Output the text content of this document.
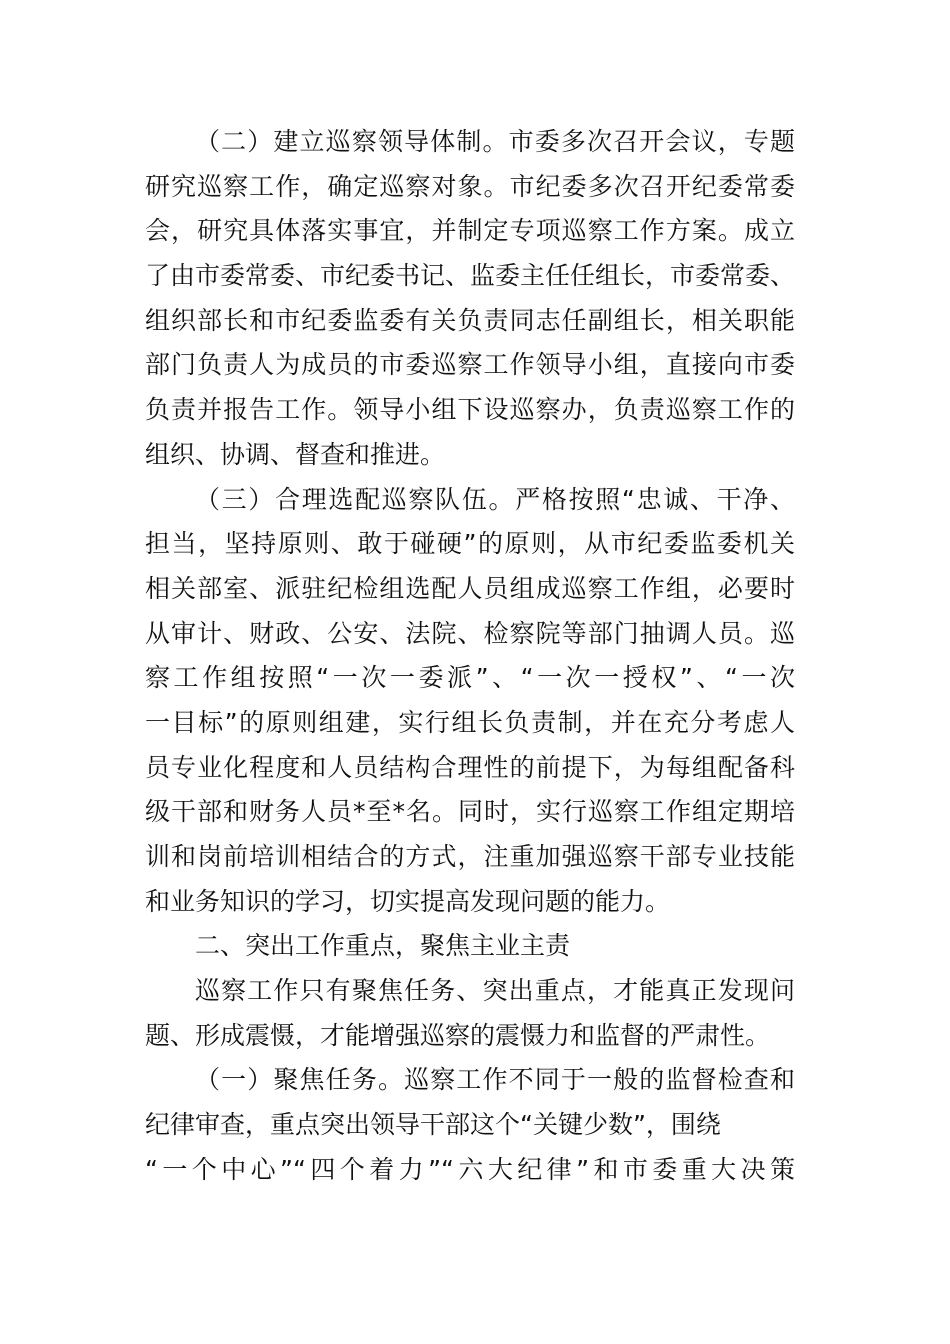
（二）建立巡察领导体制。市委多次召开会议，专题
研究巡察工作，确定巡察对象。市纪委多次召开纪委常委
会，研究具体落实事宜，并制定专项巡察工作方案。成立
了由市委常委、市纪委书记、监委主任任组长，市委常委、
组织部长和市纪委监委有关负责同志任副组长，相关职能
部门负责人为成员的市委巡察工作领导小组，直接向市委
负责并报告工作。领导小组下设巡察办，负责巡察工作的
组织、协调、督查和推进。
（三）合理选配巡察队伍。严格按照“忠诚、干净、
担当，坚持原则、敢于碰硬”的原则，从市纪委监委机关
相关部室、派驻纪检组选配人员组成巡察工作组，必要时
从审计、财政、公安、法院、检察院等部门抽调人员。巡
察工作组按照“一次一委派”、“一次一授权”、“一次
一目标”的原则组建，实行组长负责制，并在充分考虑人
员专业化程度和人员结构合理性的前提下，为每组配备科
级干部和财务人员*至*名。同时，实行巡察工作组定期培
训和岗前培训相结合的方式，注重加强巡察干部专业技能
和业务知识的学习，切实提高发现问题的能力。
二、突出工作重点，聚焦主业主责
巡察工作只有聚焦任务、突出重点，才能真正发现问
题、形成震慑，才能增强巡察的震慑力和监督的严肃性。
（一）聚焦任务。巡察工作不同于一般的监督检查和
纪律审查，重点突出领导干部这个“关键少数”，围绕
“一个中心”“四个着力”“六大纪律”和市委重大决策
